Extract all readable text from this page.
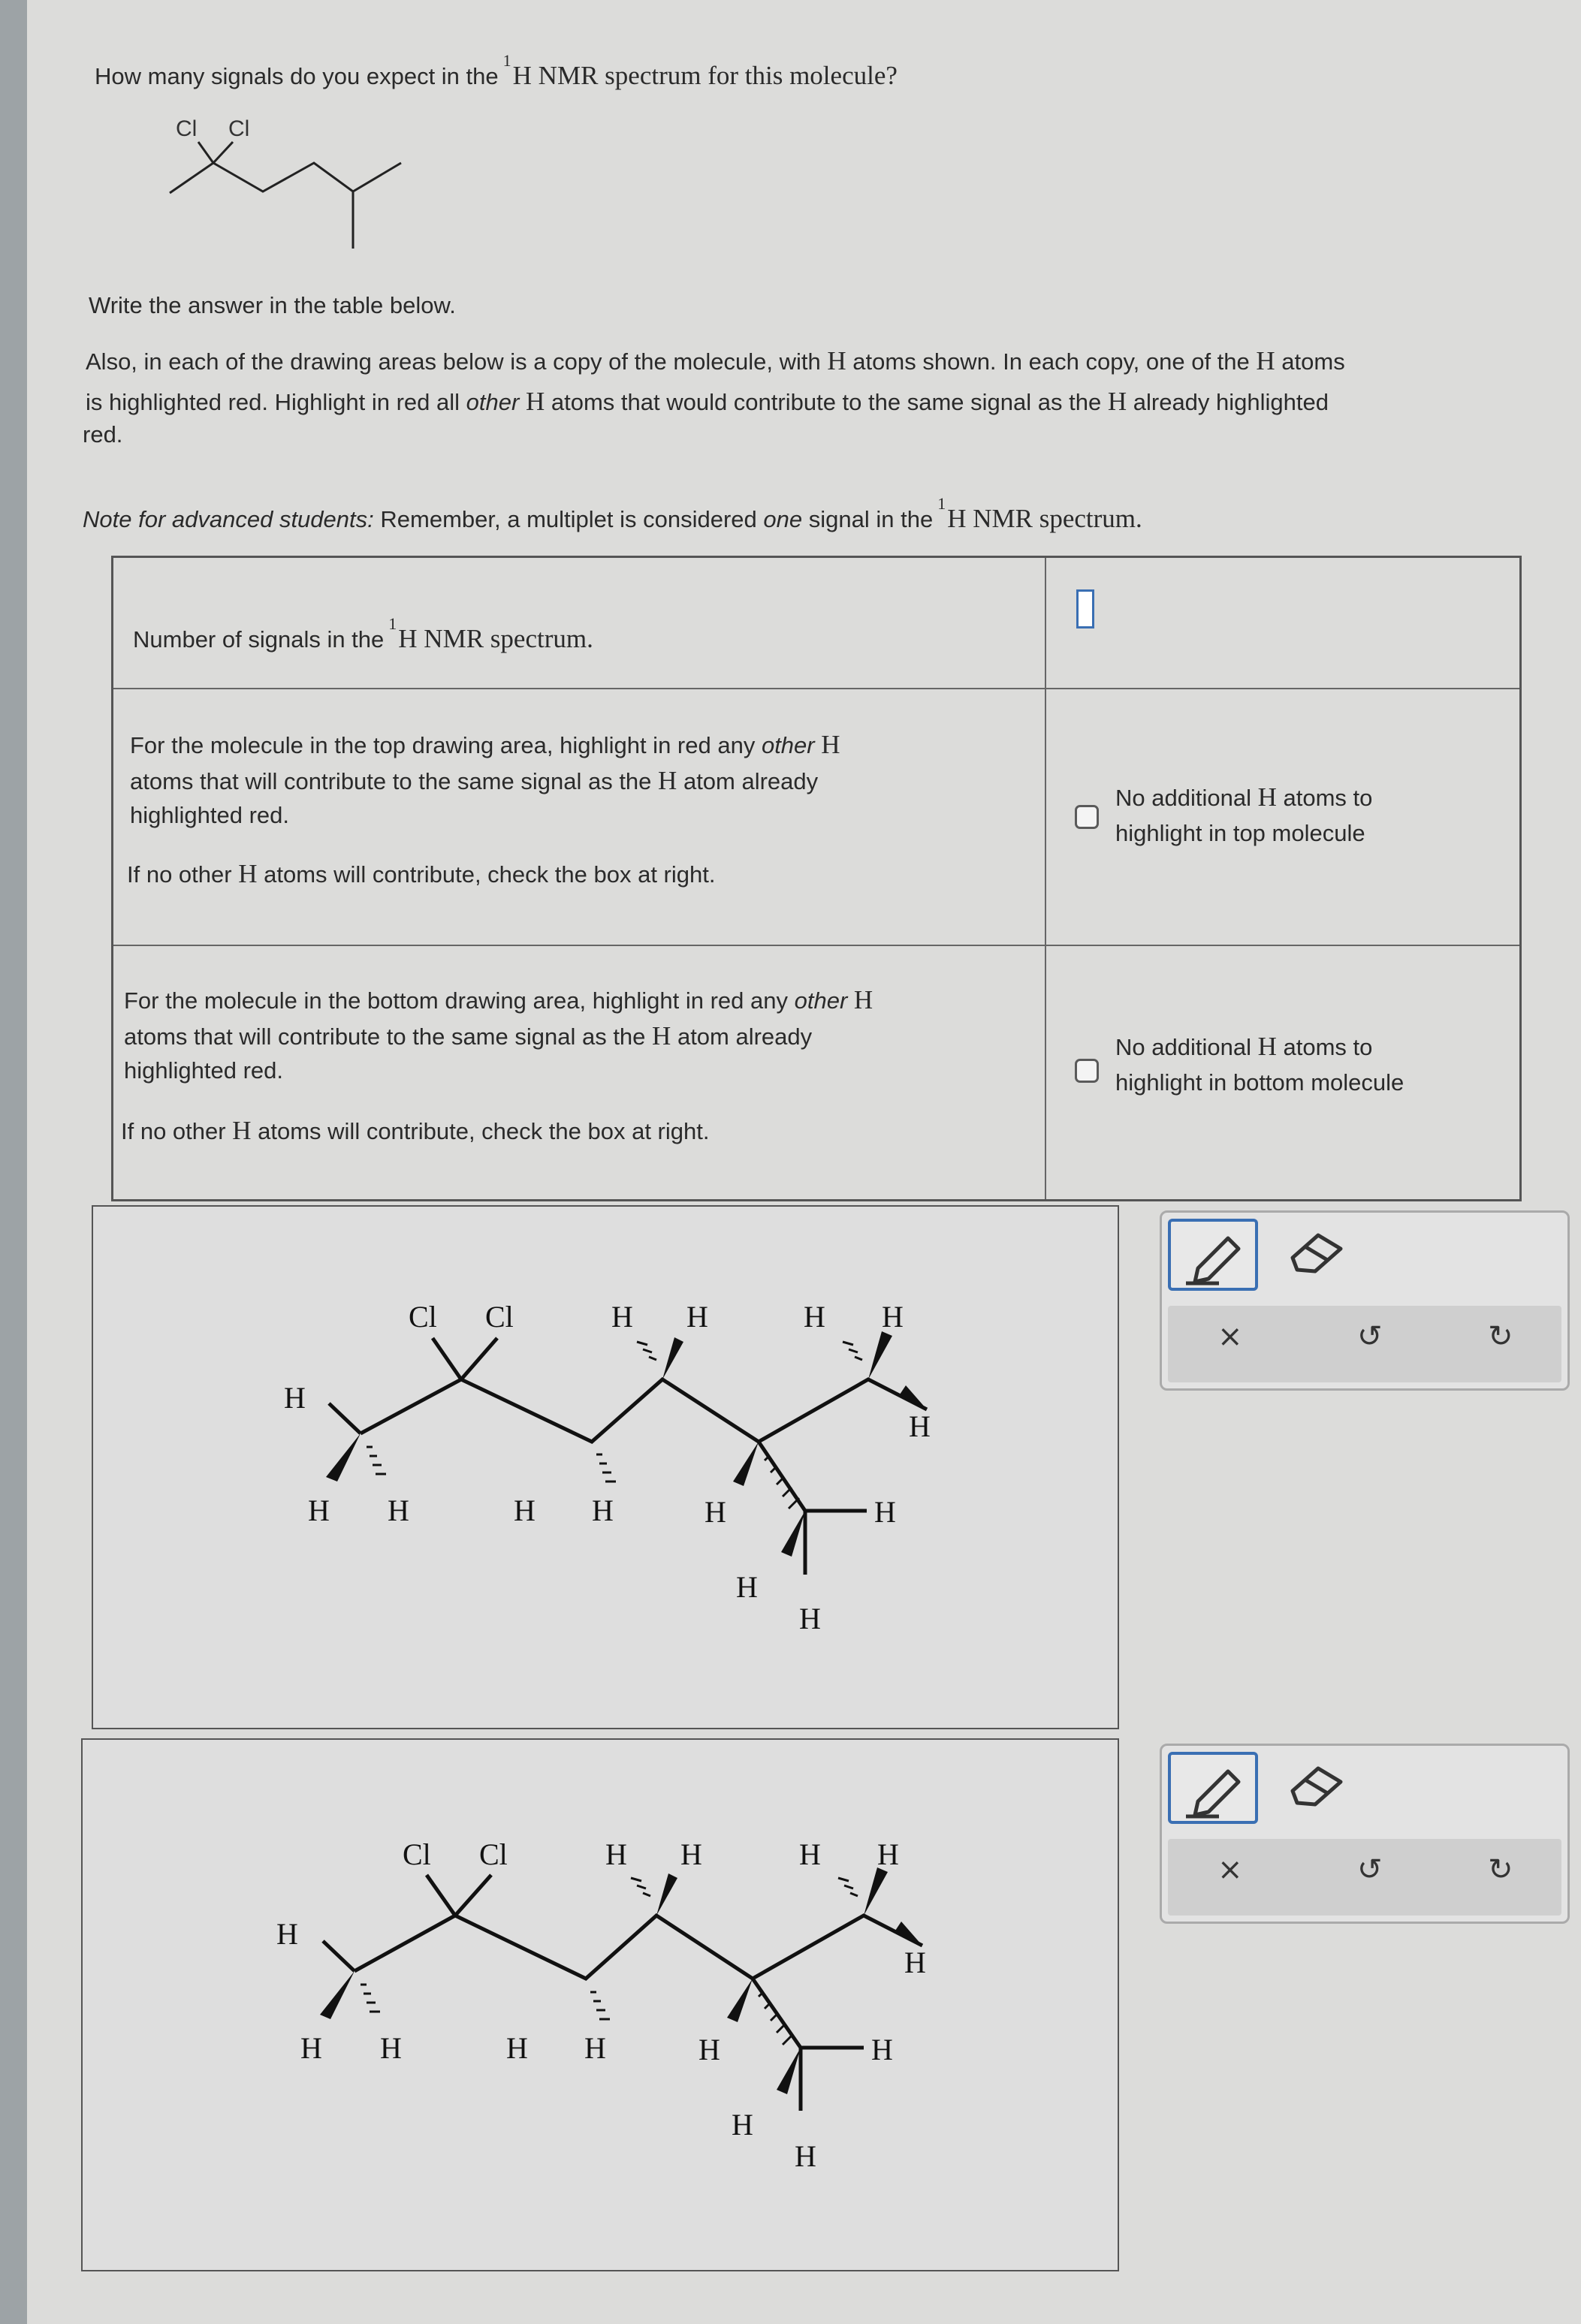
How many signals do you expect in the$^1$H NMR spectrum for this molecule?
Cl Cl
Write the answer in the table below.
Also, in each of the drawing areas below is a copy of the molecule, with H atoms shown. In each copy, one of the H atoms
is highlighted red. Highlight in red all other H atoms that would contribute to the same signal as the H already highlighted
red.
Note for advanced students: Remember, a multiplet is considered one signal in the$^1$H NMR spectrum.
Number of signals in the$^1$H NMR spectrum.
For the molecule in the top drawing area, highlight in red any other H
atoms that will contribute to the same signal as the H atom already
highlighted red.
If no other H atoms will contribute, check the box at right.
No additional H atoms to
highlight in top molecule
For the molecule in the bottom drawing area, highlight in red any other H
atoms that will contribute to the same signal as the H atom already
highlighted red.
If no other H atoms will contribute, check the box at right.
No additional H atoms to
highlight in bottom molecule
Cl Cl
H
H H	H H
H H
H
H
H
H
H H
H
Cl Cl
H
H H	H H
H H
H
H
H
H
H H
H
×	↺	↻
×	↺	↻
